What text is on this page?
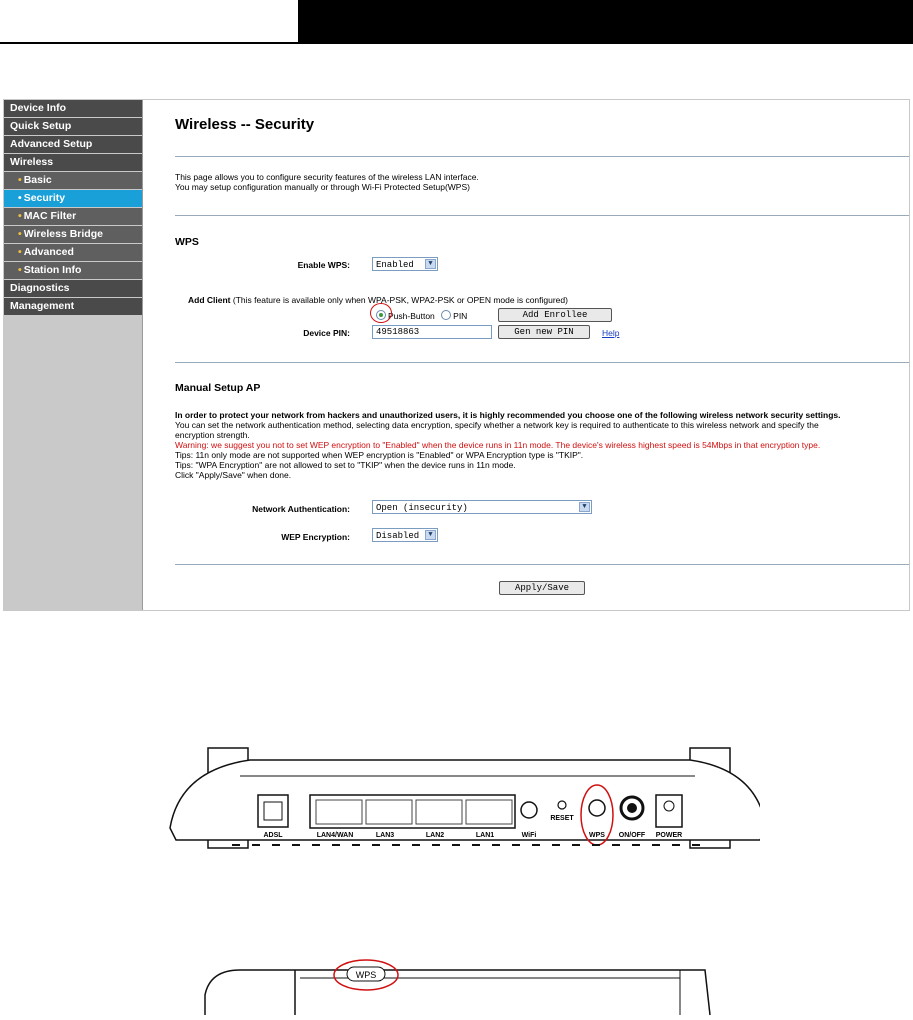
Device Info
Quick Setup
Advanced Setup
Wireless
• Basic
• Security
• MAC Filter
• Wireless Bridge
• Advanced
• Station Info
Diagnostics
Management
Wireless -- Security
This page allows you to configure security features of the wireless LAN interface.
You may setup configuration manually or through Wi-Fi Protected Setup(WPS)
WPS
Enable WPS:	Enabled	▼
Add Client (This feature is available only when WPA-PSK, WPA2-PSK or OPEN mode is configured)
Push-Button PIN	Add Enrollee
Device PIN:	49518863	Gen new PIN	Help
Manual Setup AP
In order to protect your network from hackers and unauthorized users, it is highly recommended you choose one of the following wireless network security settings.
You can set the network authentication method, selecting data encryption, specify whether a network key is required to authenticate to this wireless network and specify the
encryption strength.
Warning: we suggest you not to set WEP encryption to "Enabled" when the device runs in 11n mode. The device's wireless highest speed is 54Mbps in that encryption type.
Tips: 11n only mode are not supported when WEP encryption is "Enabled" or WPA Encryption type is "TKIP".
Tips: "WPA Encryption" are not allowed to set to "TKIP" when the device runs in 11n mode.
Click "Apply/Save" when done.
Network Authentication:	Open (insecurity)	▼
WEP Encryption:	Disabled	▼
Apply/Save
ADSL	LAN4/WAN	LAN3	LAN2	LAN1	WiFi
RESET
WPS ON/OFF POWER
WPS
